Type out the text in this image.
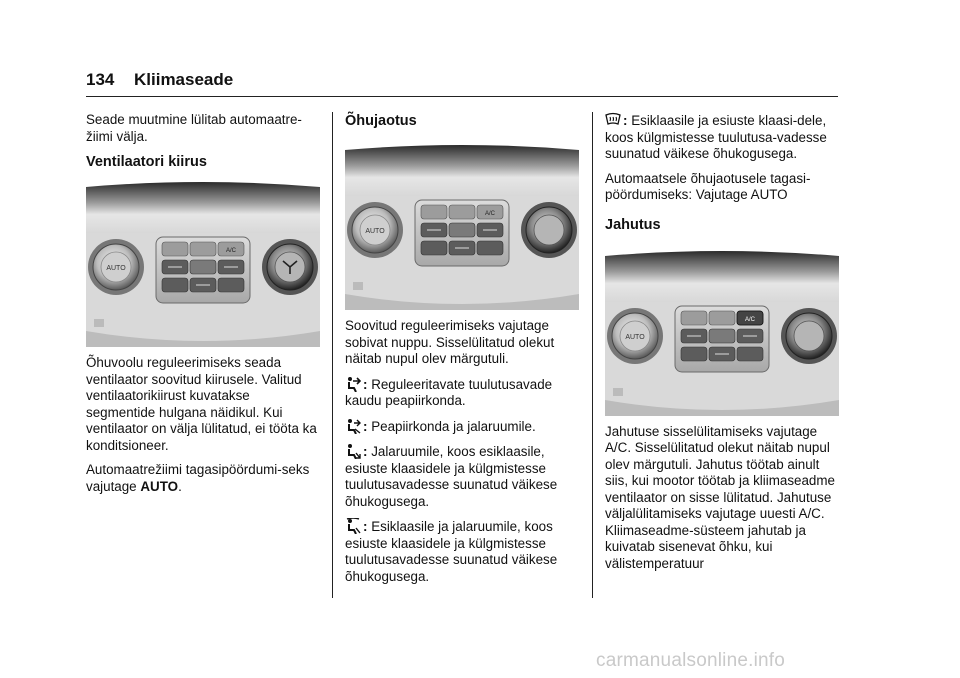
134 Kliimaseade

Seade muutmine lülitab automaatre-žiimi välja.

Ventilaatori kiirus
AUTO
A/C

Õhuvoolu reguleerimiseks seada ventilaator soovitud kiirusele. Valitud ventilaatorikiirust kuvatakse segmentide hulgana näidikul. Kui ventilaator on välja lülitatud, ei tööta ka konditsioneer.

Automaatrežiimi tagasipöördumi-seks vajutage AUTO.

Õhujaotus
AUTO
A/C

Soovitud reguleerimiseks vajutage sobivat nuppu. Sisselülitatud olekut näitab nupul olev märgutuli.

: Reguleeritavate tuulutusavade kaudu peapiirkonda.

: Peapiirkonda ja jalaruumile.

: Jalaruumile, koos esiklaasile, esiuste klaasidele ja külgmistesse tuulutusavadesse suunatud väikese õhukogusega.

: Esiklaasile ja jalaruumile, koos esiuste klaasidele ja külgmistesse tuulutusavadesse suunatud väikese õhukogusega.

: Esiklaasile ja esiuste klaasi-dele, koos külgmistesse tuulutusa-vadesse suunatud väikese õhukogusega.

Automaatsele õhujaotusele tagasi-pöördumiseks: Vajutage AUTO

Jahutus
AUTO
A/C

Jahutuse sisselülitamiseks vajutage A/C. Sisselülitatud olekut näitab nupul olev märgutuli. Jahutus töötab ainult siis, kui mootor töötab ja kliimaseadme ventilaator on sisse lülitatud. Jahutuse väljalülitamiseks vajutage uuesti A/C. Kliimaseadme-süsteem jahutab ja kuivatab sisenevat õhku, kui välistemperatuur

carmanualsonline.info
